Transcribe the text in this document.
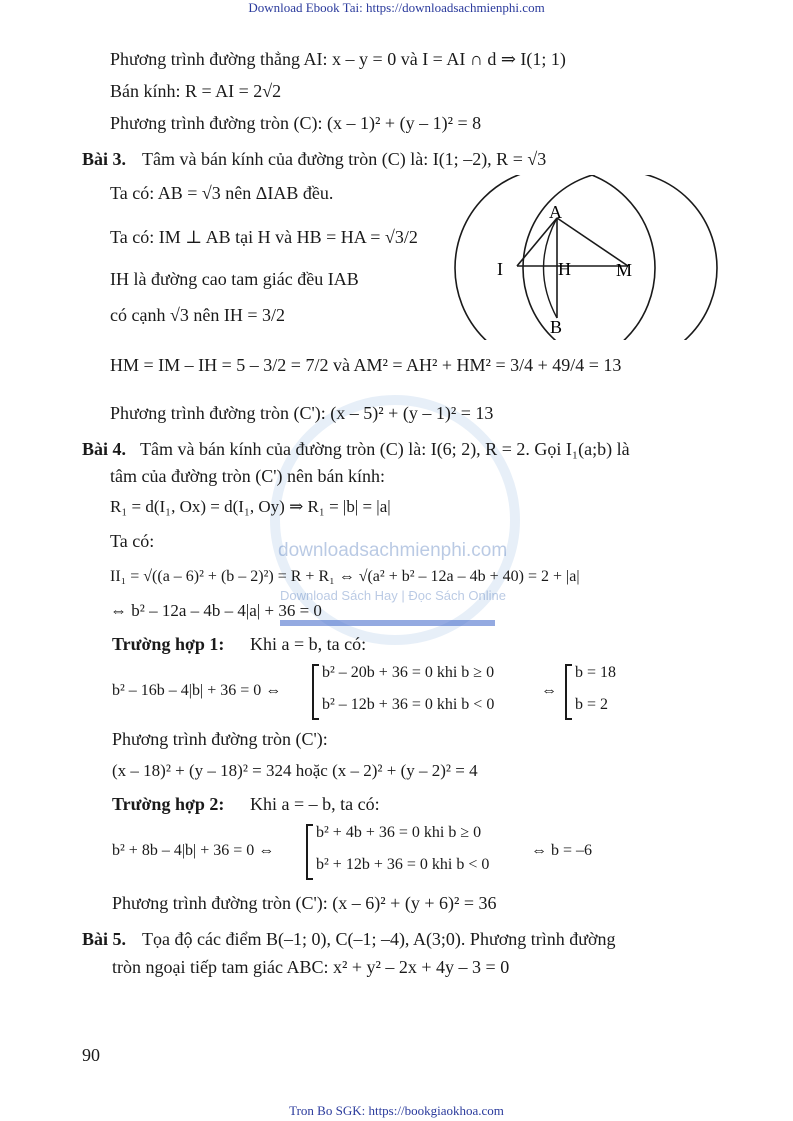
downloadsachmienphi.com
Download Sách Hay | Đọc Sách Online
Download Ebook Tai: https://downloadsachmienphi.com
Tron Bo SGK: https://bookgiaokhoa.com
Phương trình đường thẳng AI: x – y = 0 và I = AI ∩ d ⇒ I(1; 1)
Bán kính: R = AI = 2√2
Phương trình đường tròn (C): (x – 1)² + (y – 1)² = 8
Bài 3. Tâm và bán kính của đường tròn (C) là: I(1; –2), R = √3
Ta có: AB = √3 nên ΔIAB đều.
Ta có: IM ⊥ AB tại H và HB = HA = √3/2
IH là đường cao tam giác đều IAB
có cạnh √3 nên IH = 3/2
HM = IM – IH = 5 – 3/2 = 7/2 và AM² = AH² + HM² = 3/4 + 49/4 = 13
Phương trình đường tròn (C'): (x – 5)² + (y – 1)² = 13
A
B
I	H	M
Bài 4. Tâm và bán kính của đường tròn (C) là: I(6; 2), R = 2. Gọi I₁(a;b) là
tâm của đường tròn (C') nên bán kính:
R₁ = d(I₁, Ox) = d(I₁, Oy) ⇒ R₁ = |b| = |a|
Ta có:
II₁ = √((a – 6)² + (b – 2)²) = R + R₁ ⇔ √(a² + b² – 12a – 4b + 40) = 2 + |a|
⇔ b² – 12a – 4b – 4|a| + 36 = 0
Trường hợp 1: Khi a = b, ta có:
b² – 16b – 4|b| + 36 = 0 ⇔
b² – 20b + 36 = 0 khi b ≥ 0
b² – 12b + 36 = 0 khi b < 0
⇔
b = 18
b = 2
Phương trình đường tròn (C'):
(x – 18)² + (y – 18)² = 324 hoặc (x – 2)² + (y – 2)² = 4
Trường hợp 2: Khi a = – b, ta có:
b² + 8b – 4|b| + 36 = 0 ⇔
b² + 4b + 36 = 0 khi b ≥ 0
b² + 12b + 36 = 0 khi b < 0
⇔ b = –6
Phương trình đường tròn (C'): (x – 6)² + (y + 6)² = 36
Bài 5. Tọa độ các điểm B(–1; 0), C(–1; –4), A(3;0). Phương trình đường
tròn ngoại tiếp tam giác ABC: x² + y² – 2x + 4y – 3 = 0
90
